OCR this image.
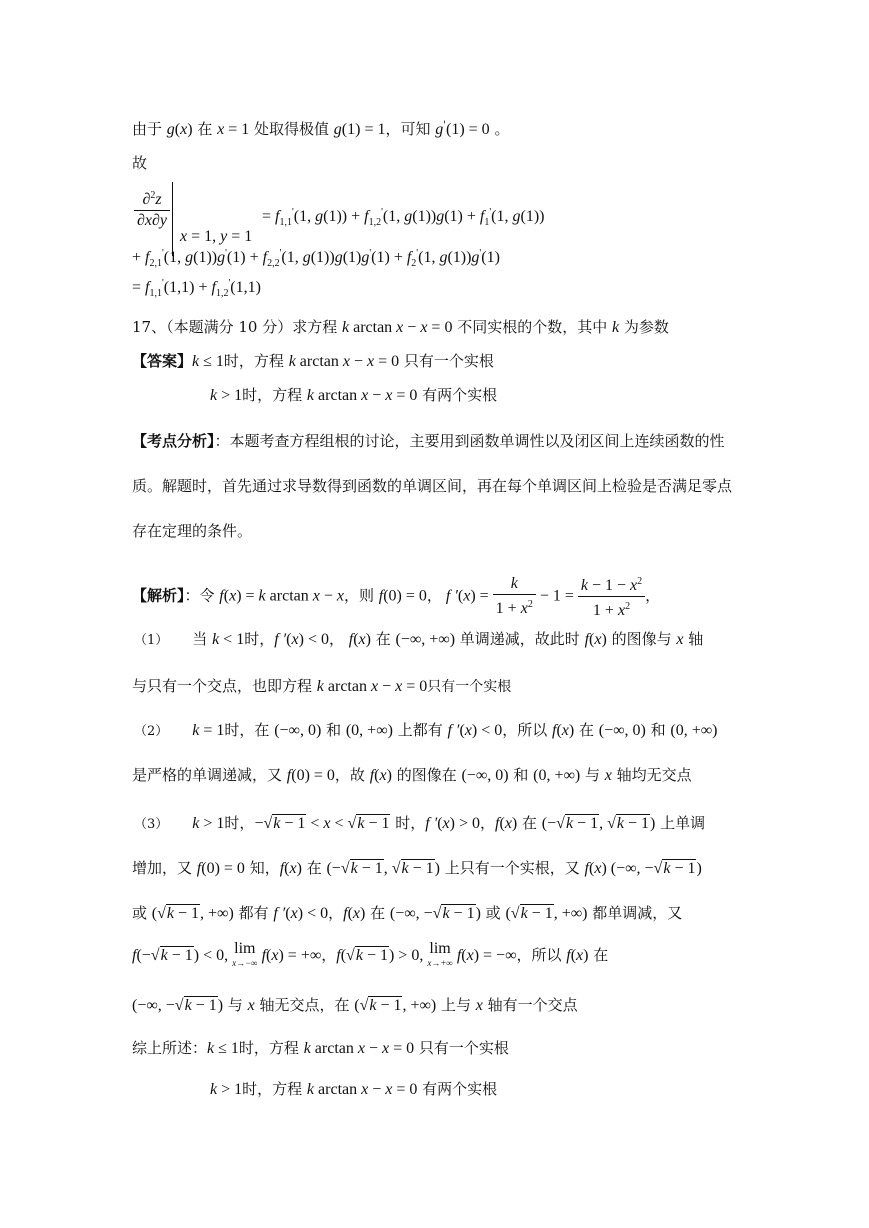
由于 g(x) 在 x = 1 处取得极值 g(1) = 1，可知 g'(1) = 0 。
故
$\frac{\partial^2z}{\partial x\partial y}$
x = 1, y = 1
= $f_{1,1}'(1$, $g(1)) + f_{1,2}'(1$, $g(1))g(1) + f_1'(1$, g(1))
+ $f_{2,1}'(1$, $g(1))g'(1) + f_{2,2}'(1$, $g(1))g(1)g'(1) + f_2'(1$, g(1))g'(1)
= $f_{1,1}'(1,1) + f_{1,2}'(1,1)$
17、（本题满分 10 分）求方程 k arctan x − x = 0 不同实根的个数，其中 k 为参数
【答案】k ≤ 1时，方程 k arctan x − x = 0 只有一个实根
k > 1时，方程 k arctan x − x = 0 有两个实根
【考点分析】：本题考查方程组根的讨论，主要用到函数单调性以及闭区间上连续函数的性
质。解题时，首先通过求导数得到函数的单调区间，再在每个单调区间上检验是否满足零点
存在定理的条件。
【解析】：令 f(x) = k arctan x − x，则 f(0) = 0， f $'(x) = \frac{k}{1 + x^2} - 1 = \frac{k - 1 - x^2}{1 + x^2}$ ，
（1） 当 k < 1时，f ′(x) < 0， f(x) 在 (−∞, +∞) 单调递减，故此时 f(x) 的图像与 x 轴
与只有一个交点，也即方程 k arctan x − x = 0只有一个实根
（2） k = 1时，在 (−∞, 0) 和 (0, +∞) 上都有 f ′(x) < 0，所以 f(x) 在 (−∞, 0) 和 (0, +∞)
是严格的单调递减，又 f(0) = 0，故 f(x) 的图像在 (−∞, 0) 和 (0, +∞) 与 x 轴均无交点
（3） k > 1时，−√k − 1 < x < √k − 1 时，f ′(x) > 0，f(x) 在 (−√k − 1, √k − 1) 上单调
增加，又 f(0) = 0 知，f(x) 在 (−√k − 1, √k − 1) 上只有一个实根，又 f(x) (−∞, −√k − 1)
或 (√k − 1, +∞) 都有 f ′(x) < 0，f(x) 在 (−∞, −√k − 1) 或 (√k − 1, +∞) 都单调减，又
f(−√k − 1) < 0, lim
x→−∞ f(x) = +∞，f(√k − 1) > 0, lim
x→+∞ f(x) = −∞，所以 f(x) 在
(−∞, −√k − 1) 与 x 轴无交点，在 (√k − 1, +∞) 上与 x 轴有一个交点
综上所述：k ≤ 1时，方程 k arctan x − x = 0 只有一个实根
k > 1时，方程 k arctan x − x = 0 有两个实根
